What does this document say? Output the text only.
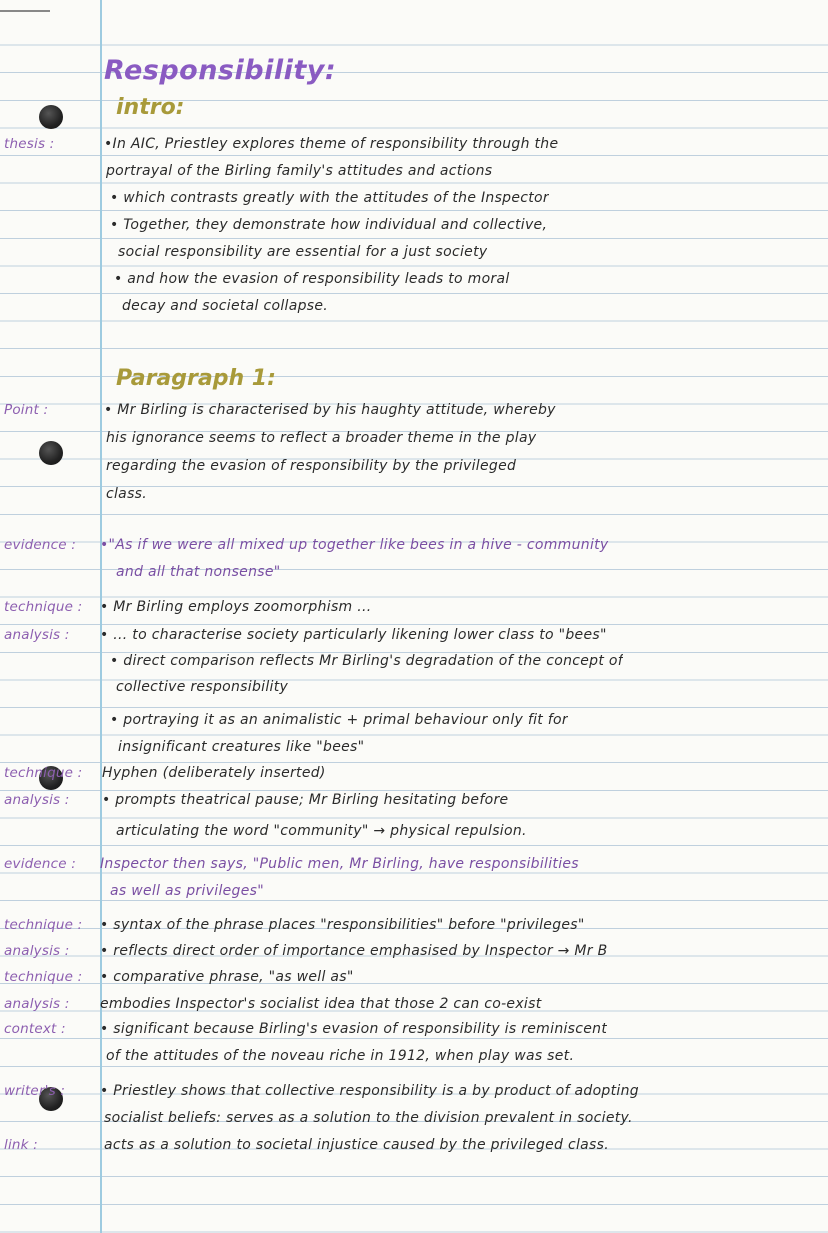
Responsibility:
intro:
Paragraph 1:
thesis :	•In AIC, Priestley explores theme of responsibility through the
portrayal of the Birling family's attitudes and actions
• which contrasts greatly with the attitudes of the Inspector
• Together, they demonstrate how individual and collective,
social responsibility are essential for a just society
• and how the evasion of responsibility leads to moral
decay and societal collapse.
Point :	• Mr Birling is characterised by his haughty attitude, whereby
his ignorance seems to reflect a broader theme in the play
regarding the evasion of responsibility by the privileged
class.
evidence :	•"As if we were all mixed up together like bees in a hive - community
and all that nonsense"
technique :	• Mr Birling employs zoomorphism ...
analysis :	• ... to characterise society particularly likening lower class to "bees"
• direct comparison reflects Mr Birling's degradation of the concept of
collective responsibility
• portraying it as an animalistic + primal behaviour only fit for
insignificant creatures like "bees"
technique :	Hyphen (deliberately inserted)
analysis :	• prompts theatrical pause; Mr Birling hesitating before
articulating the word "community" → physical repulsion.
evidence :	Inspector then says, "Public men, Mr Birling, have responsibilities
as well as privileges"
technique :	• syntax of the phrase places "responsibilities" before "privileges"
analysis :	• reflects direct order of importance emphasised by Inspector → Mr B
technique :	• comparative phrase, "as well as"
analysis :	embodies Inspector's socialist idea that those 2 can co-exist
context :	• significant because Birling's evasion of responsibility is reminiscent
of the attitudes of the noveau riche in 1912, when play was set.
writer's :	• Priestley shows that collective responsibility is a by product of adopting
socialist beliefs: serves as a solution to the division prevalent in society.
link :	acts as a solution to societal injustice caused by the privileged class.
